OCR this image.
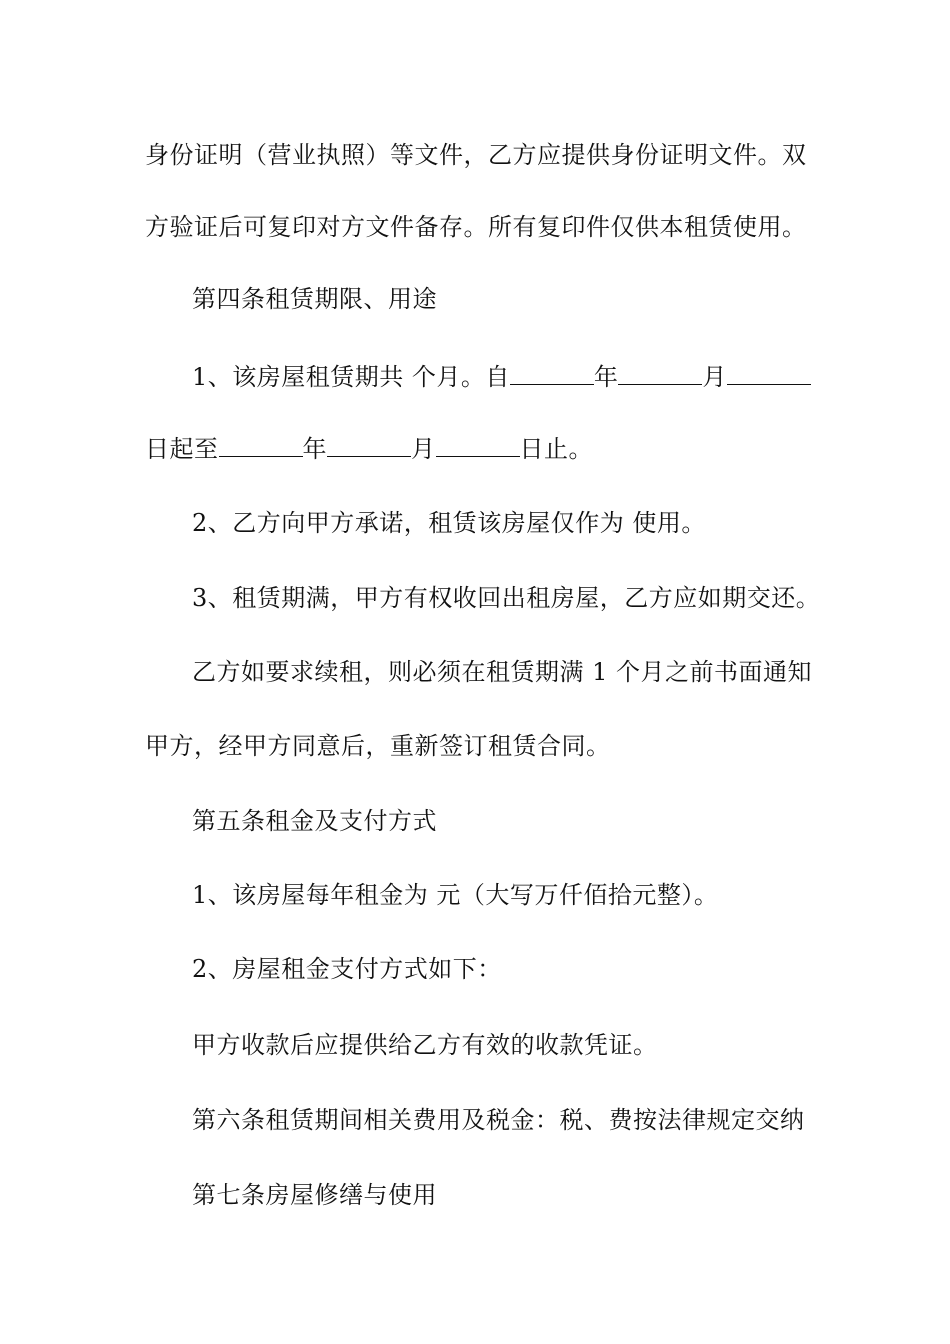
身份证明（营业执照）等文件，乙方应提供身份证明文件。双
方验证后可复印对方文件备存。所有复印件仅供本租赁使用。
第四条租赁期限、用途
1、该房屋租赁期共 个月。自	年	月
日起至	年	月	日止。
2、乙方向甲方承诺，租赁该房屋仅作为 使用。
3、租赁期满，甲方有权收回出租房屋，乙方应如期交还。
乙方如要求续租，则必须在租赁期满 1 个月之前书面通知
甲方，经甲方同意后，重新签订租赁合同。
第五条租金及支付方式
1、该房屋每年租金为 元（大写万仟佰拾元整）。
2、房屋租金支付方式如下：
甲方收款后应提供给乙方有效的收款凭证。
第六条租赁期间相关费用及税金：税、费按法律规定交纳
第七条房屋修缮与使用
